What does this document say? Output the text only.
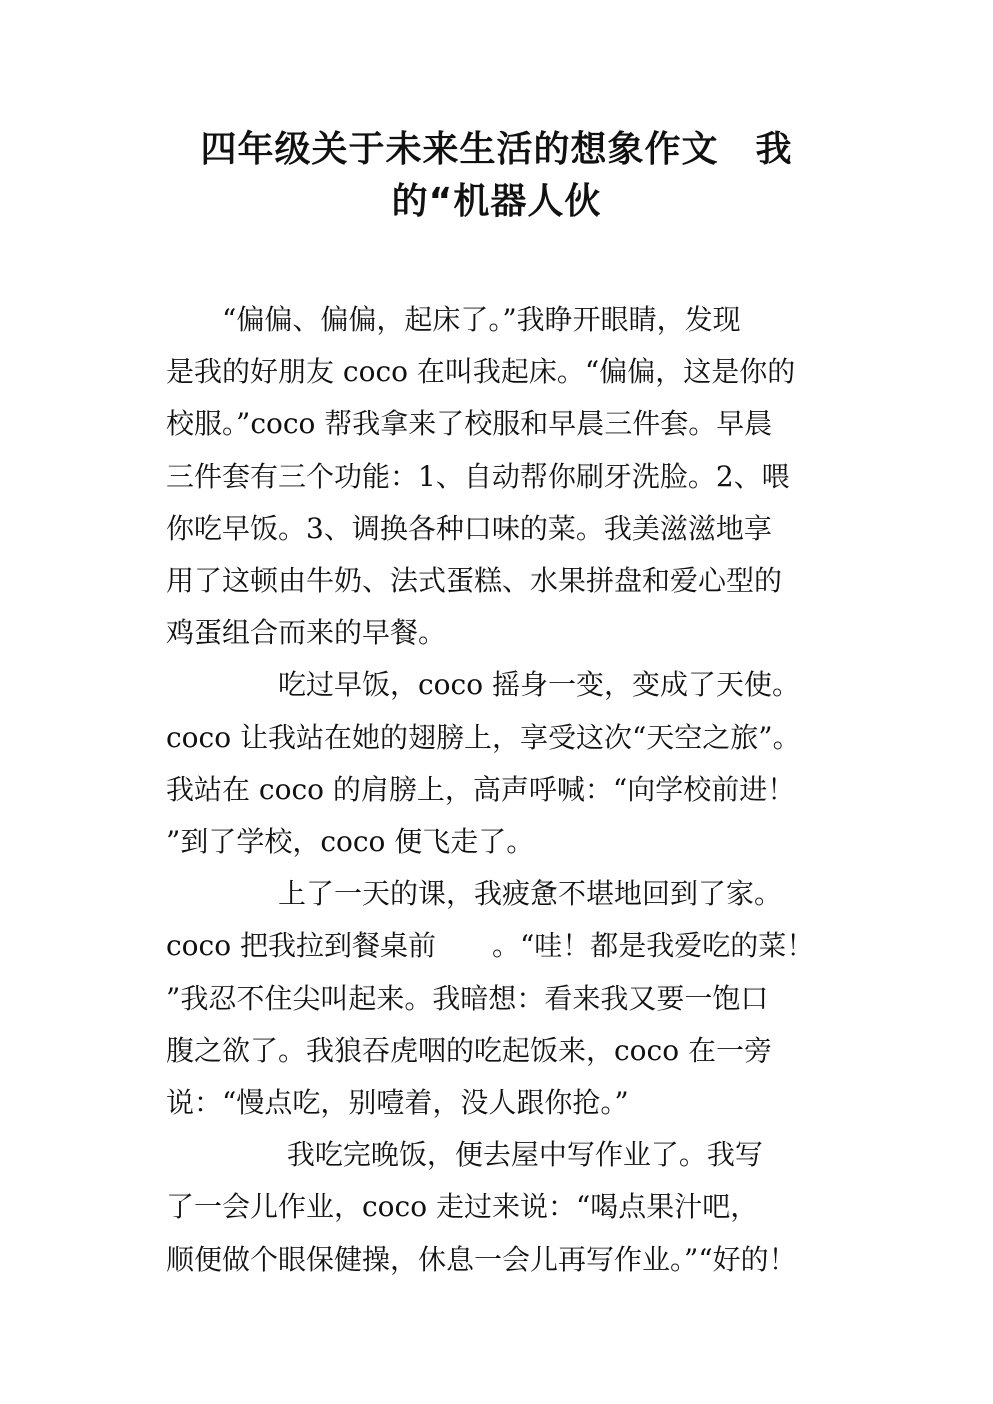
四年级关于未来生活的想象作文　我
的“机器人伙
　　“偏偏、偏偏，起床了。”我睁开眼睛，发现
是我的好朋友 coco 在叫我起床。“偏偏，这是你的
校服。”coco 帮我拿来了校服和早晨三件套。早晨
三件套有三个功能：1、自动帮你刷牙洗脸。2、喂
你吃早饭。3、调换各种口味的菜。我美滋滋地享
用了这顿由牛奶、法式蛋糕、水果拼盘和爱心型的
鸡蛋组合而来的早餐。
　　　　吃过早饭，coco 摇身一变，变成了天使。
coco 让我站在她的翅膀上，享受这次“天空之旅”。
我站在 coco 的肩膀上，高声呼喊：“向学校前进！
”到了学校，coco 便飞走了。
　　　　上了一天的课，我疲惫不堪地回到了家。
coco 把我拉到餐桌前　　。“哇！都是我爱吃的菜！
”我忍不住尖叫起来。我暗想：看来我又要一饱口
腹之欲了。我狼吞虎咽的吃起饭来，coco 在一旁
说：“慢点吃，别噎着，没人跟你抢。”
　　　　 我吃完晚饭，便去屋中写作业了。我写
了一会儿作业，coco 走过来说：“喝点果汁吧，
顺便做个眼保健操，休息一会儿再写作业。”“好的！
